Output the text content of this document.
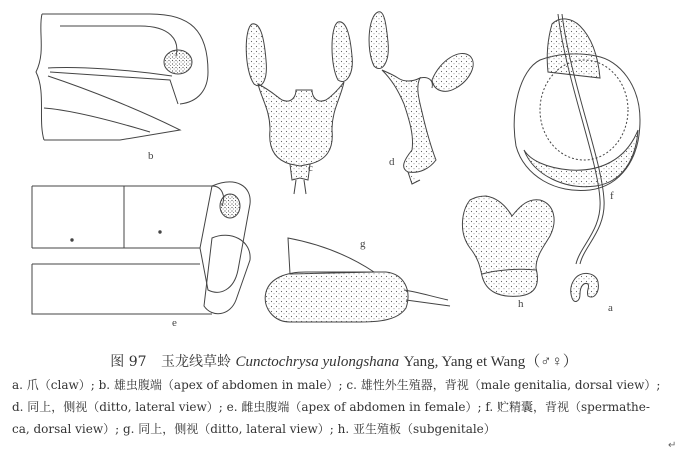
b
c	d
f
e
g
h	a
图 97 玉龙线草蛉 Cunctochrysa yulongshana Yang, Yang et Wang（♂♀）
a. 爪（claw）; b. 雄虫腹端（apex of abdomen in male）; c. 雄性外生殖器，背视（male genitalia, dorsal view）;
d. 同上，侧视（ditto, lateral view）; e. 雌虫腹端（apex of abdomen in female）; f. 贮精囊，背视（spermathe-
ca, dorsal view）; g. 同上，侧视（ditto, lateral view）; h. 亚生殖板（subgenitale）
↵
